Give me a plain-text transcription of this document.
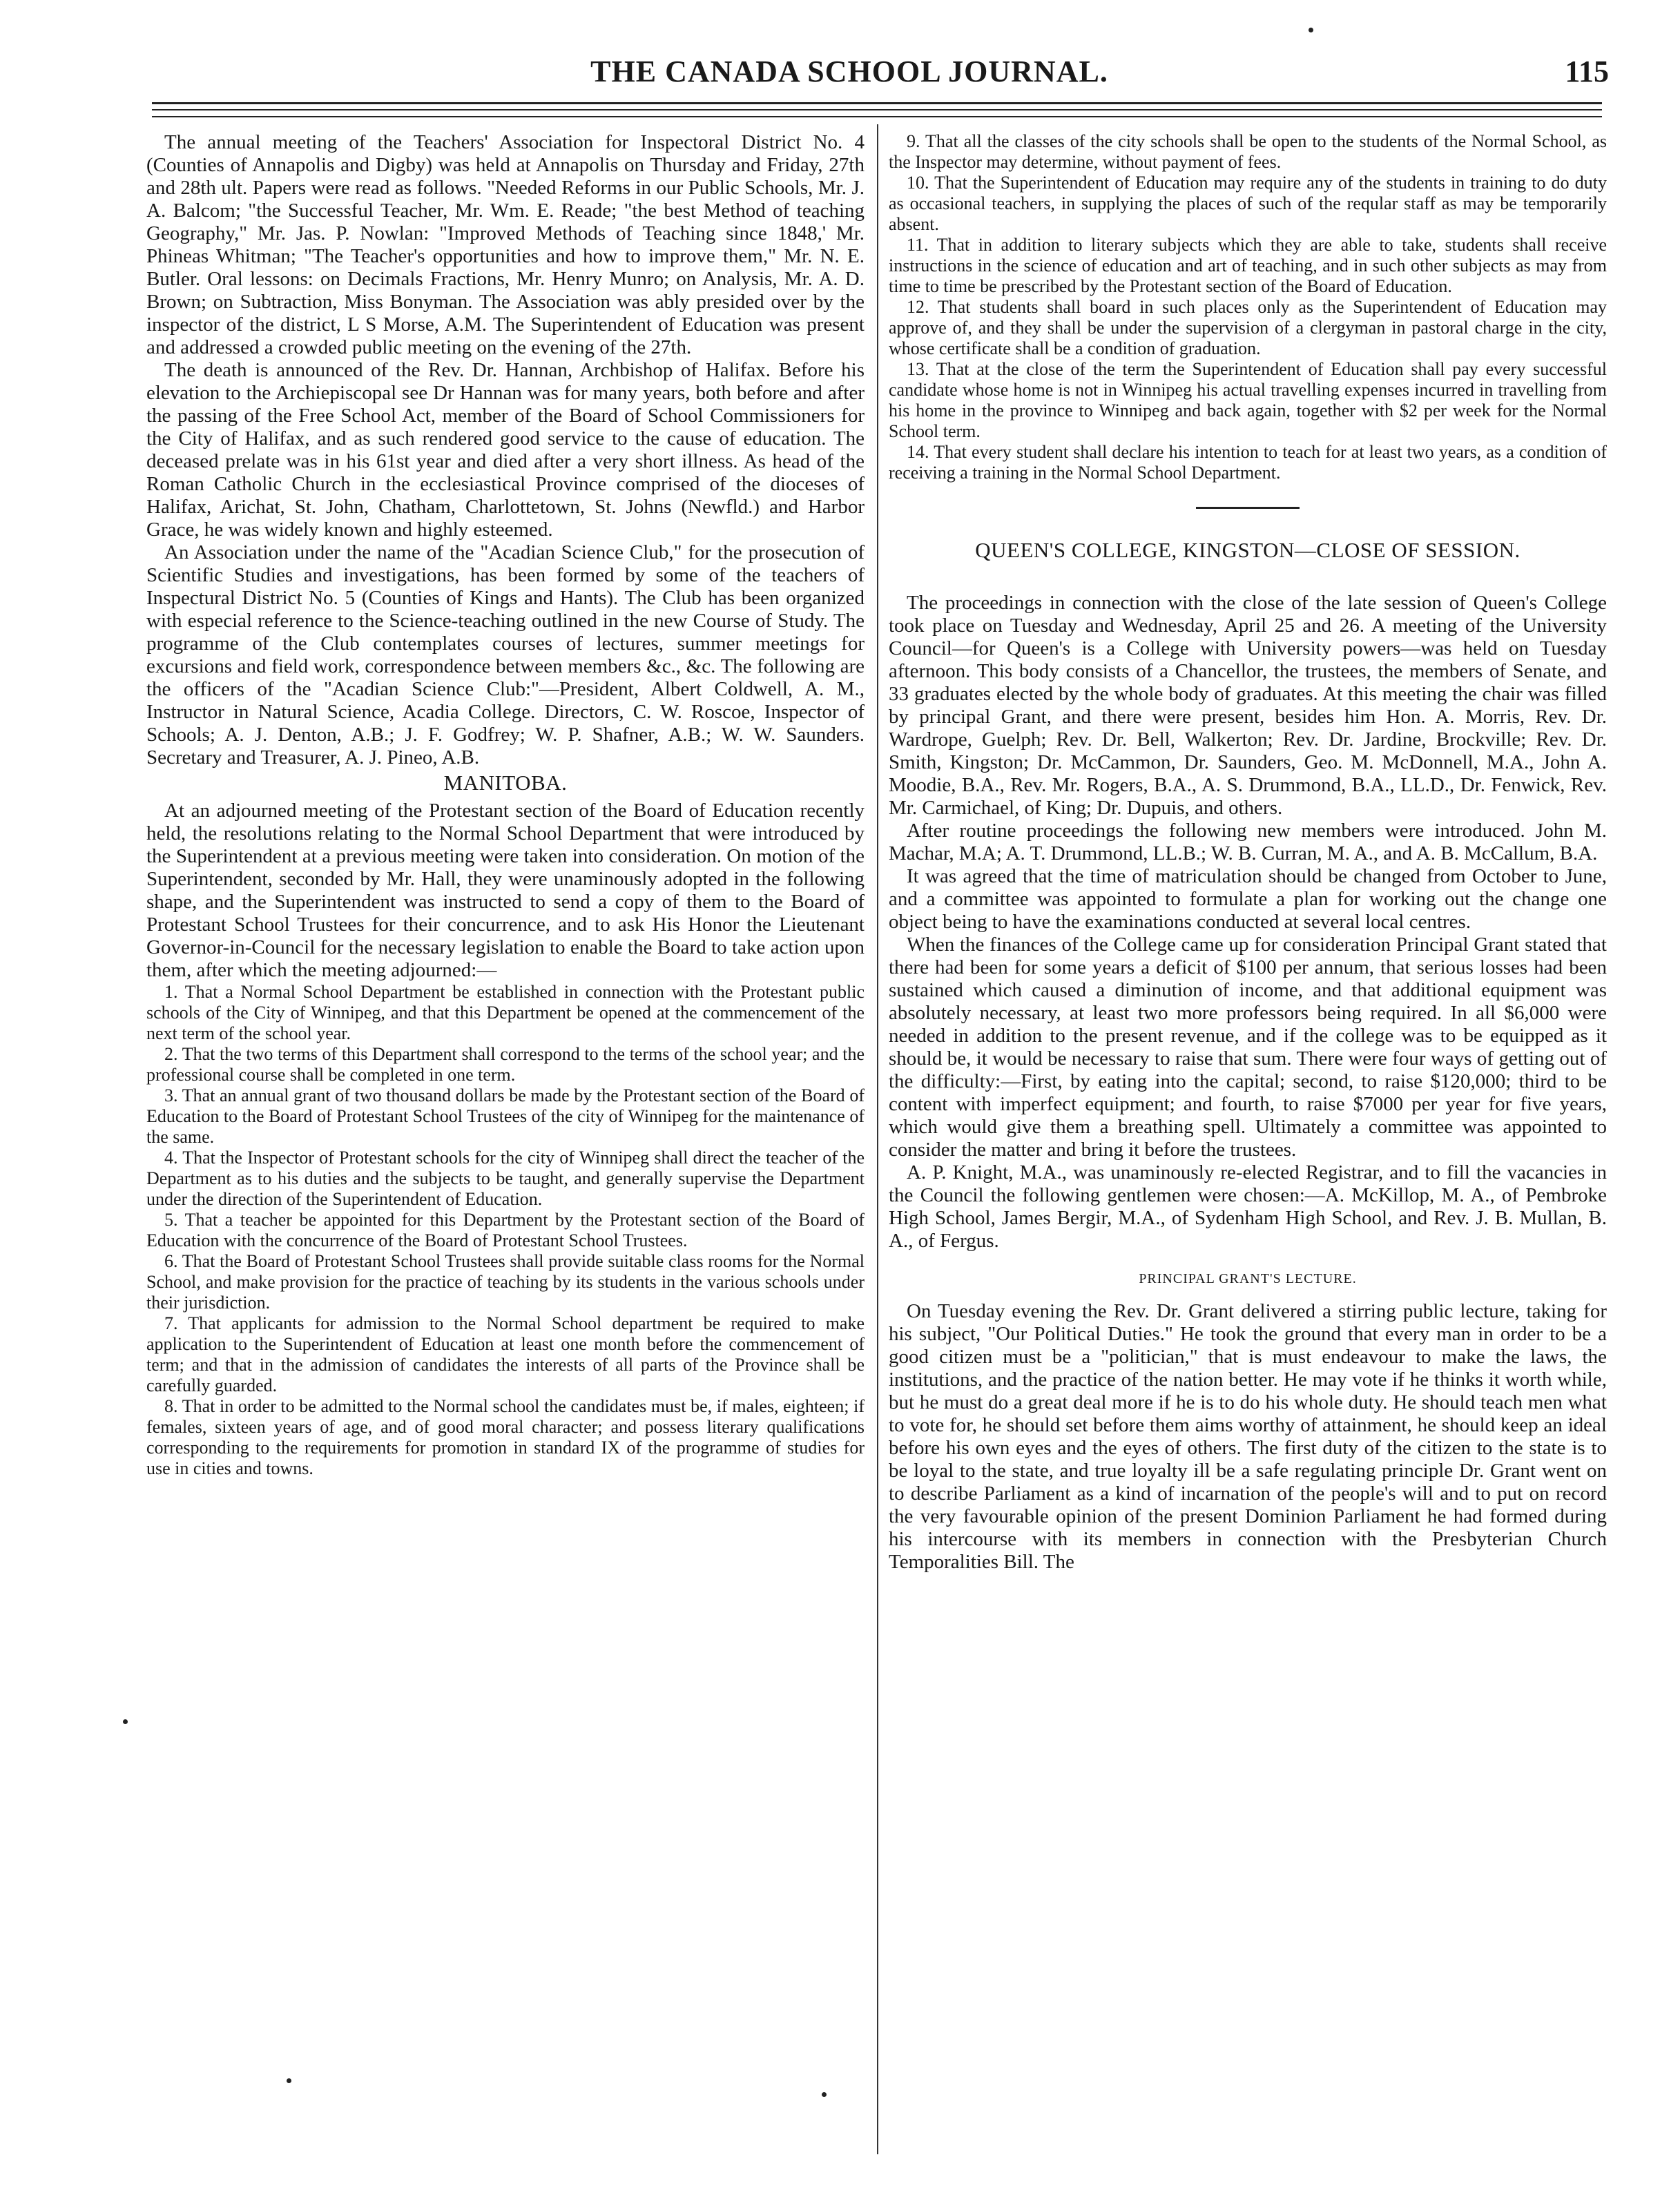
THE CANADA SCHOOL JOURNAL.	115

The annual meeting of the Teachers' Association for Inspectoral District No. 4 (Counties of Annapolis and Digby) was held at Annapolis on Thursday and Friday, 27th and 28th ult. Papers were read as follows. "Needed Reforms in our Public Schools, Mr. J. A. Balcom; "the Successful Teacher, Mr. Wm. E. Reade; "the best Method of teaching Geography," Mr. Jas. P. Nowlan: "Improved Methods of Teaching since 1848,' Mr. Phineas Whitman; "The Teacher's opportunities and how to improve them," Mr. N. E. Butler. Oral lessons: on Decimals Fractions, Mr. Henry Munro; on Analysis, Mr. A. D. Brown; on Subtraction, Miss Bonyman. The Association was ably presided over by the inspector of the district, L S Morse, A.M. The Superintendent of Education was present and addressed a crowded public meeting on the evening of the 27th.

The death is announced of the Rev. Dr. Hannan, Archbishop of Halifax. Before his elevation to the Archiepiscopal see Dr Hannan was for many years, both before and after the passing of the Free School Act, member of the Board of School Commissioners for the City of Halifax, and as such rendered good service to the cause of education. The deceased prelate was in his 61st year and died after a very short illness. As head of the Roman Catholic Church in the ecclesiastical Province comprised of the dioceses of Halifax, Arichat, St. John, Chatham, Charlottetown, St. Johns (Newfld.) and Harbor Grace, he was widely known and highly esteemed.

An Association under the name of the "Acadian Science Club," for the prosecution of Scientific Studies and investigations, has been formed by some of the teachers of Inspectural District No. 5 (Counties of Kings and Hants). The Club has been organized with especial reference to the Science-teaching outlined in the new Course of Study. The programme of the Club contemplates courses of lectures, summer meetings for excursions and field work, correspondence between members &c., &c. The following are the officers of the "Acadian Science Club:"—President, Albert Coldwell, A. M., Instructor in Natural Science, Acadia College. Directors, C. W. Roscoe, Inspector of Schools; A. J. Denton, A.B.; J. F. Godfrey; W. P. Shafner, A.B.; W. W. Saunders. Secretary and Treasurer, A. J. Pineo, A.B.

MANITOBA.

At an adjourned meeting of the Protestant section of the Board of Education recently held, the resolutions relating to the Normal School Department that were introduced by the Superintendent at a previous meeting were taken into consideration. On motion of the Superintendent, seconded by Mr. Hall, they were unaminously adopted in the following shape, and the Superintendent was instructed to send a copy of them to the Board of Protestant School Trustees for their concurrence, and to ask His Honor the Lieutenant Governor-in-Council for the necessary legislation to enable the Board to take action upon them, after which the meeting adjourned:—

1. That a Normal School Department be established in connection with the Protestant public schools of the City of Winnipeg, and that this Department be opened at the commencement of the next term of the school year.

2. That the two terms of this Department shall correspond to the terms of the school year; and the professional course shall be completed in one term.

3. That an annual grant of two thousand dollars be made by the Protestant section of the Board of Education to the Board of Protestant School Trustees of the city of Winnipeg for the maintenance of the same.

4. That the Inspector of Protestant schools for the city of Winnipeg shall direct the teacher of the Department as to his duties and the subjects to be taught, and generally supervise the Department under the direction of the Superintendent of Education.

5. That a teacher be appointed for this Department by the Protestant section of the Board of Education with the concurrence of the Board of Protestant School Trustees.

6. That the Board of Protestant School Trustees shall provide suitable class rooms for the Normal School, and make provision for the practice of teaching by its students in the various schools under their jurisdiction.

7. That applicants for admission to the Normal School department be required to make application to the Superintendent of Education at least one month before the commencement of term; and that in the admission of candidates the interests of all parts of the Province shall be carefully guarded.

8. That in order to be admitted to the Normal school the candidates must be, if males, eighteen; if females, sixteen years of age, and of good moral character; and possess literary qualifications corresponding to the requirements for promotion in standard IX of the programme of studies for use in cities and towns.

9. That all the classes of the city schools shall be open to the students of the Normal School, as the Inspector may determine, without payment of fees.

10. That the Superintendent of Education may require any of the students in training to do duty as occasional teachers, in supplying the places of such of the reqular staff as may be temporarily absent.

11. That in addition to literary subjects which they are able to take, students shall receive instructions in the science of education and art of teaching, and in such other subjects as may from time to time be prescribed by the Protestant section of the Board of Education.

12. That students shall board in such places only as the Superintendent of Education may approve of, and they shall be under the supervision of a clergyman in pastoral charge in the city, whose certificate shall be a condition of graduation.

13. That at the close of the term the Superintendent of Education shall pay every successful candidate whose home is not in Winnipeg his actual travelling expenses incurred in travelling from his home in the province to Winnipeg and back again, together with $2 per week for the Normal School term.

14. That every student shall declare his intention to teach for at least two years, as a condition of receiving a training in the Normal School Department.

QUEEN'S COLLEGE, KINGSTON—CLOSE OF SESSION.

The proceedings in connection with the close of the late session of Queen's College took place on Tuesday and Wednesday, April 25 and 26. A meeting of the University Council—for Queen's is a College with University powers—was held on Tuesday afternoon. This body consists of a Chancellor, the trustees, the members of Senate, and 33 graduates elected by the whole body of graduates. At this meeting the chair was filled by principal Grant, and there were present, besides him Hon. A. Morris, Rev. Dr. Wardrope, Guelph; Rev. Dr. Bell, Walkerton; Rev. Dr. Jardine, Brockville; Rev. Dr. Smith, Kingston; Dr. McCammon, Dr. Saunders, Geo. M. McDonnell, M.A., John A. Moodie, B.A., Rev. Mr. Rogers, B.A., A. S. Drummond, B.A., LL.D., Dr. Fenwick, Rev. Mr. Carmichael, of King; Dr. Dupuis, and others.

After routine proceedings the following new members were introduced. John M. Machar, M.A; A. T. Drummond, LL.B.; W. B. Curran, M. A., and A. B. McCallum, B.A.

It was agreed that the time of matriculation should be changed from October to June, and a committee was appointed to formulate a plan for working out the change one object being to have the examinations conducted at several local centres.

When the finances of the College came up for consideration Principal Grant stated that there had been for some years a deficit of $100 per annum, that serious losses had been sustained which caused a diminution of income, and that additional equipment was absolutely necessary, at least two more professors being required. In all $6,000 were needed in addition to the present revenue, and if the college was to be equipped as it should be, it would be necessary to raise that sum. There were four ways of getting out of the difficulty:—First, by eating into the capital; second, to raise $120,000; third to be content with imperfect equipment; and fourth, to raise $7000 per year for five years, which would give them a breathing spell. Ultimately a committee was appointed to consider the matter and bring it before the trustees.

A. P. Knight, M.A., was unaminously re-elected Registrar, and to fill the vacancies in the Council the following gentlemen were chosen:—A. McKillop, M. A., of Pembroke High School, James Bergir, M.A., of Sydenham High School, and Rev. J. B. Mullan, B. A., of Fergus.

PRINCIPAL GRANT'S LECTURE.

On Tuesday evening the Rev. Dr. Grant delivered a stirring public lecture, taking for his subject, "Our Political Duties." He took the ground that every man in order to be a good citizen must be a "politician," that is must endeavour to make the laws, the institutions, and the practice of the nation better. He may vote if he thinks it worth while, but he must do a great deal more if he is to do his whole duty. He should teach men what to vote for, he should set before them aims worthy of attainment, he should keep an ideal before his own eyes and the eyes of others. The first duty of the citizen to the state is to be loyal to the state, and true loyalty ill be a safe regulating principle Dr. Grant went on to describe Parliament as a kind of incarnation of the people's will and to put on record the very favourable opinion of the present Dominion Parliament he had formed during his intercourse with its members in connection with the Presbyterian Church Temporalities Bill. The
